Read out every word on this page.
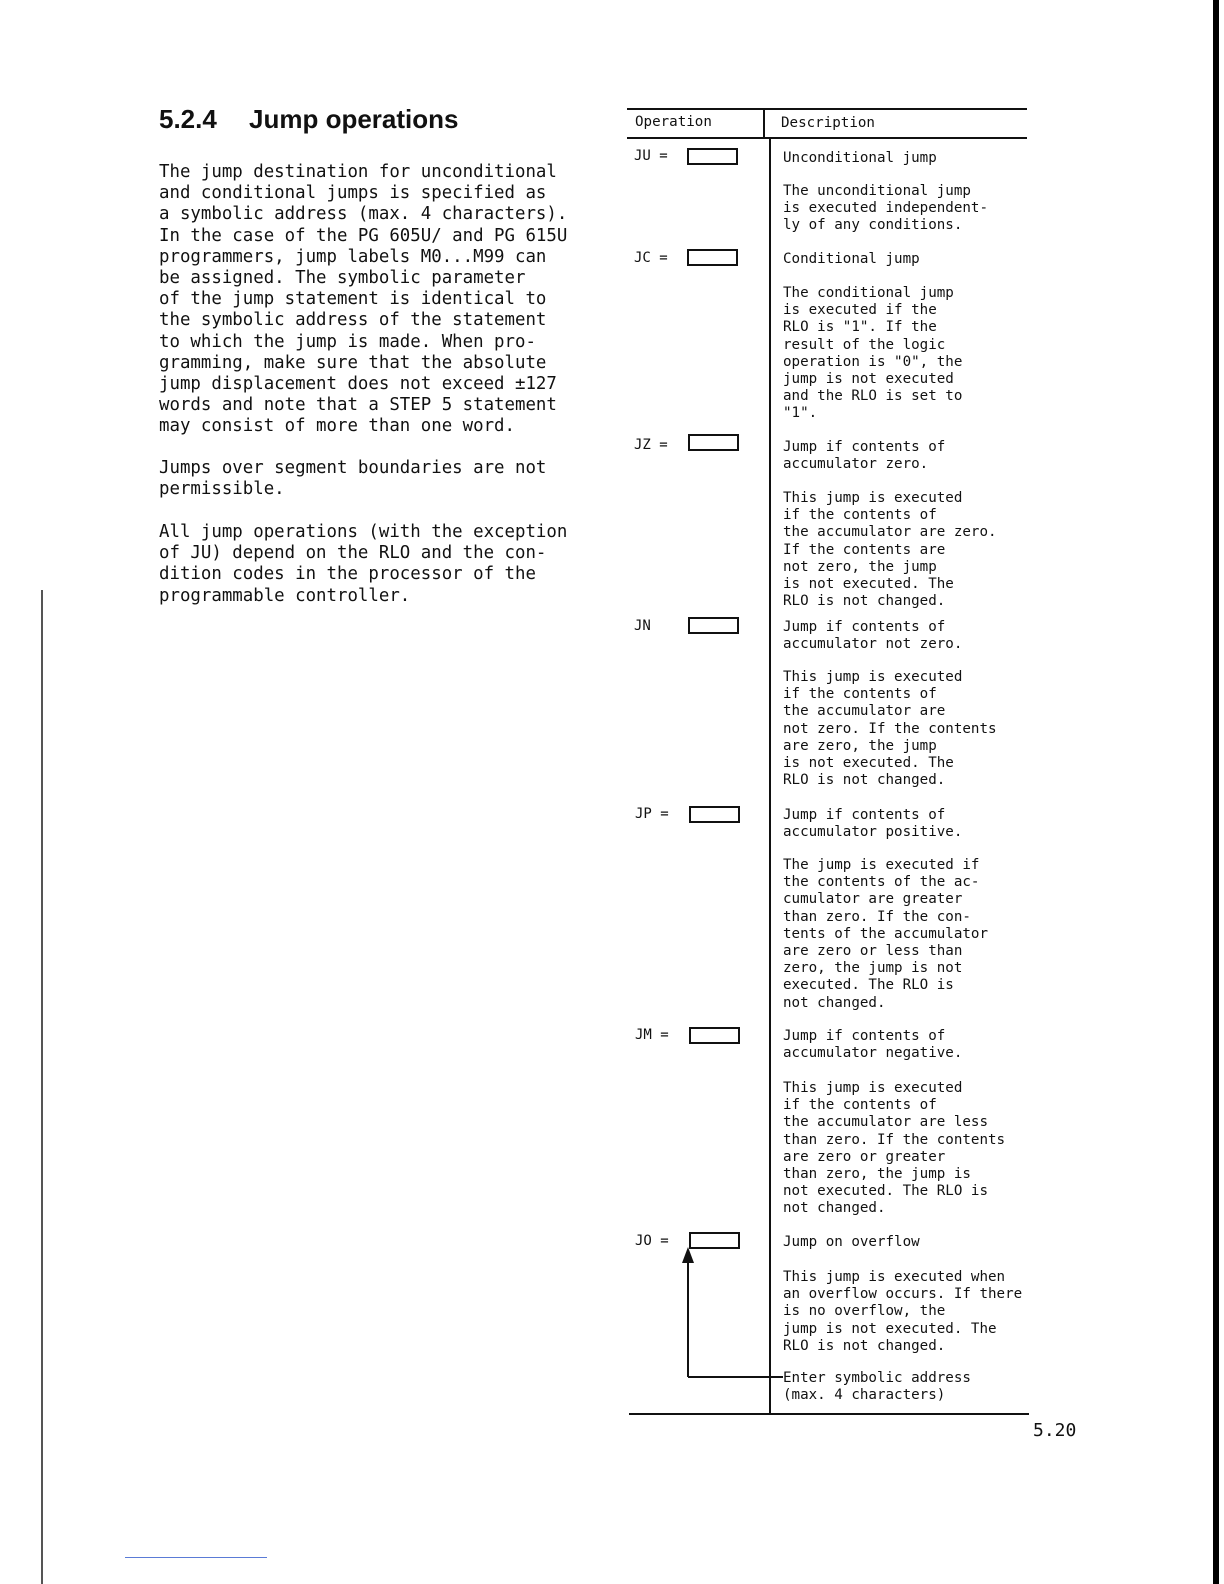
5.2.4 Jump operations

The jump destination for unconditional
and conditional jumps is specified as
a symbolic address (max. 4 characters).
In the case of the PG 605U/ and PG 615U
programmers, jump labels M0...M99 can
be assigned. The symbolic parameter
of the jump statement is identical to
the symbolic address of the statement
to which the jump is made. When pro-
gramming, make sure that the absolute
jump displacement does not exceed ±127
words and note that a STEP 5 statement
may consist of more than one word.

Jumps over segment boundaries are not
permissible.

All jump operations (with the exception
of JU) depend on the RLO and the con-
dition codes in the processor of the
programmable controller.

Operation	Description
JU =	Unconditional jump

The unconditional jump
is executed independent-
ly of any conditions.

JC =	Conditional jump

The conditional jump
is executed if the
RLO is "1". If the
result of the logic
operation is "0", the
jump is not executed
and the RLO is set to
"1".

JZ =	Jump if contents of
accumulator zero.

This jump is executed
if the contents of
the accumulator are zero.
If the contents are
not zero, the jump
is not executed. The
RLO is not changed.

JN	Jump if contents of
accumulator not zero.

This jump is executed
if the contents of
the accumulator are
not zero. If the contents
are zero, the jump
is not executed. The
RLO is not changed.

JP =	Jump if contents of
accumulator positive.

The jump is executed if
the contents of the ac-
cumulator are greater
than zero. If the con-
tents of the accumulator
are zero or less than
zero, the jump is not
executed. The RLO is
not changed.

JM =	Jump if contents of
accumulator negative.

This jump is executed
if the contents of
the accumulator are less
than zero. If the contents
are zero or greater
than zero, the jump is
not executed. The RLO is
not changed.

JO =	Jump on overflow

This jump is executed when
an overflow occurs. If there
is no overflow, the
jump is not executed. The
RLO is not changed.

Enter symbolic address
(max. 4 characters)

5.20
